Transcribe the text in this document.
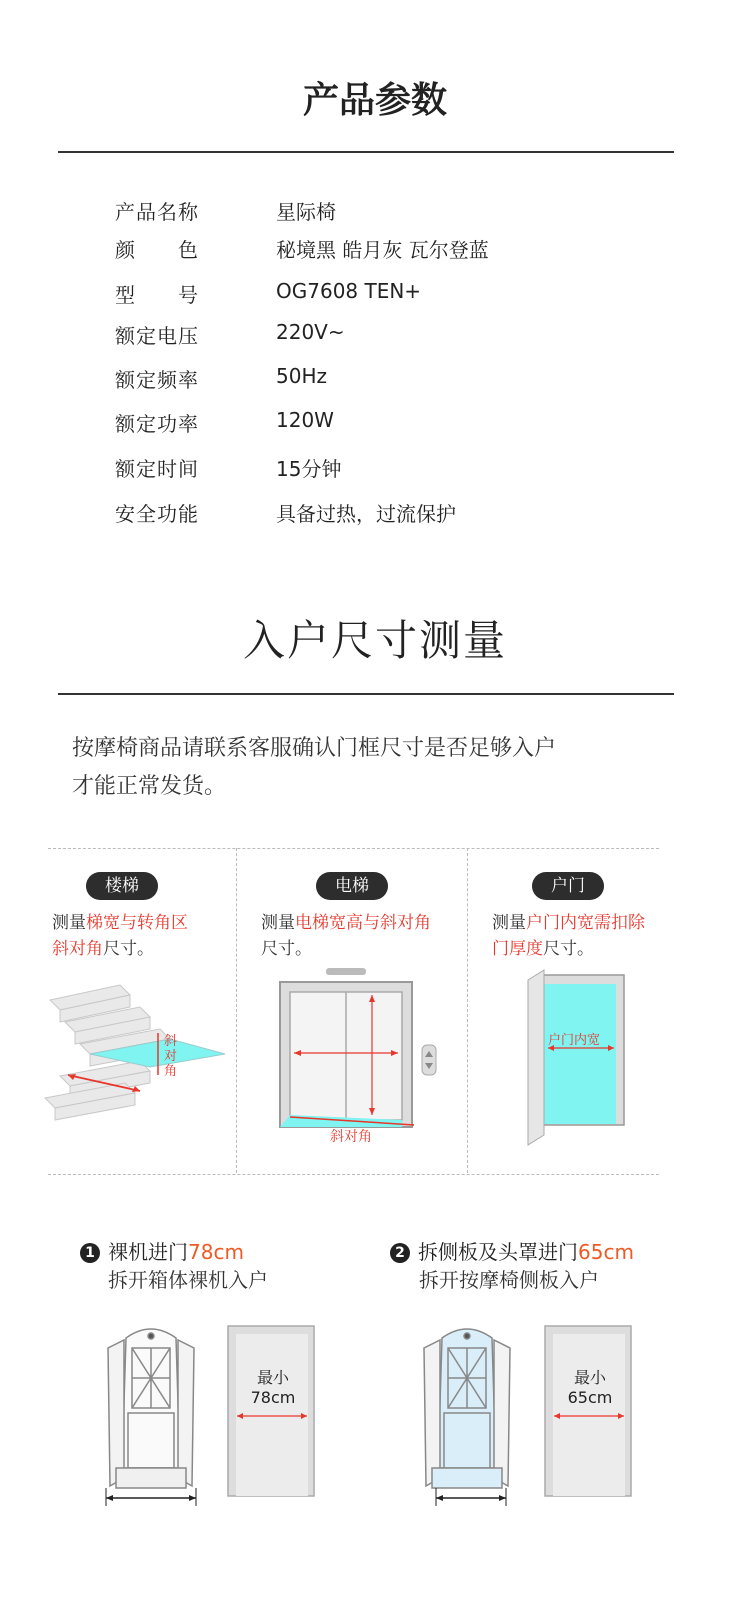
产品参数
产品名称	星际椅
颜　　色	秘境黑 皓月灰 瓦尔登蓝
型　　号	OG7608 TEN+
额定电压	220V~
额定频率	50Hz
额定功率	120W
额定时间	15分钟
安全功能	具备过热，过流保护
入户尺寸测量
按摩椅商品请联系客服确认门框尺寸是否足够入户
才能正常发货。
楼梯
测量梯宽与转角区
斜对角尺寸。
斜
对
角
电梯
测量电梯宽高与斜对角
尺寸。
斜对角
户门
测量户门内宽需扣除
门厚度尺寸。
户门内宽
1 裸机进门78cm
拆开箱体裸机入户
最小
78cm
2 拆侧板及头罩进门65cm
拆开按摩椅侧板入户
最小
65cm
